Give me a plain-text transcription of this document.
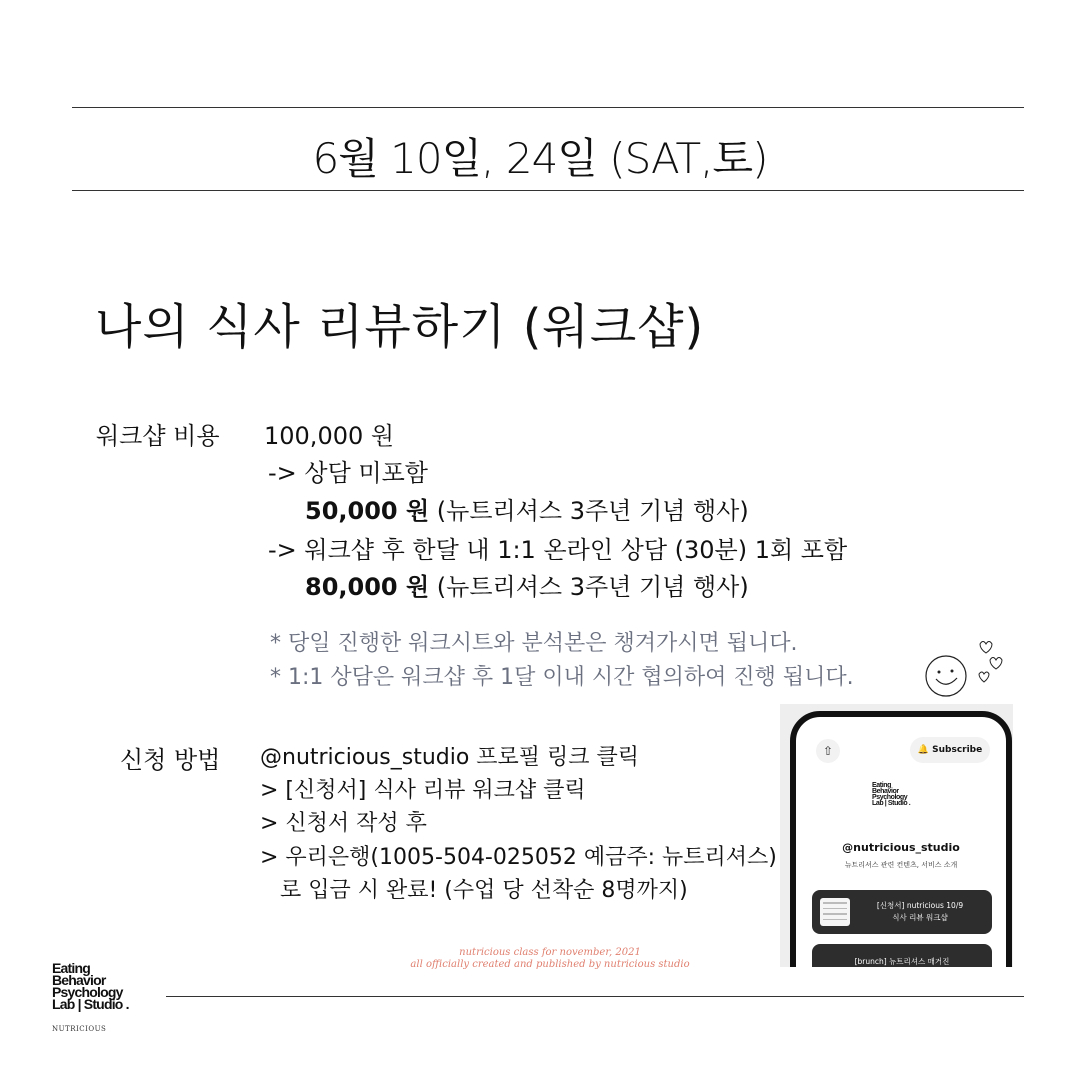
6월 10일, 24일 (SAT,토)
나의 식사 리뷰하기 (워크샵)
워크샵 비용 100,000 원
-> 상담 미포함
50,000 원 (뉴트리셔스 3주년 기념 행사)
-> 워크샵 후 한달 내 1:1 온라인 상담 (30분) 1회 포함
80,000 원 (뉴트리셔스 3주년 기념 행사)
* 당일 진행한 워크시트와 분석본은 챙겨가시면 됩니다.
* 1:1 상담은 워크샵 후 1달 이내 시간 협의하여 진행 됩니다.
신청 방법 @nutricious_studio 프로필 링크 클릭
> [신청서] 식사 리뷰 워크샵 클릭
> 신청서 작성 후
> 우리은행(1005-504-025052 예금주: 뉴트리셔스)
로 입금 시 완료! (수업 당 선착순 8명까지)
⇧	🔔 Subscribe
Eating
Behavior
Psychology
Lab | Studio .
@nutricious_studio
뉴트리셔스 관련 컨텐츠, 서비스 소개
[신청서] nutricious 10/9
식사 리뷰 워크샵
[brunch] 뉴트리셔스 매거진
nutricious class for november, 2021
all officially created and published by nutricious studio
Eating
Behavior
Psychology
Lab | Studio .
NUTRICIOUS
